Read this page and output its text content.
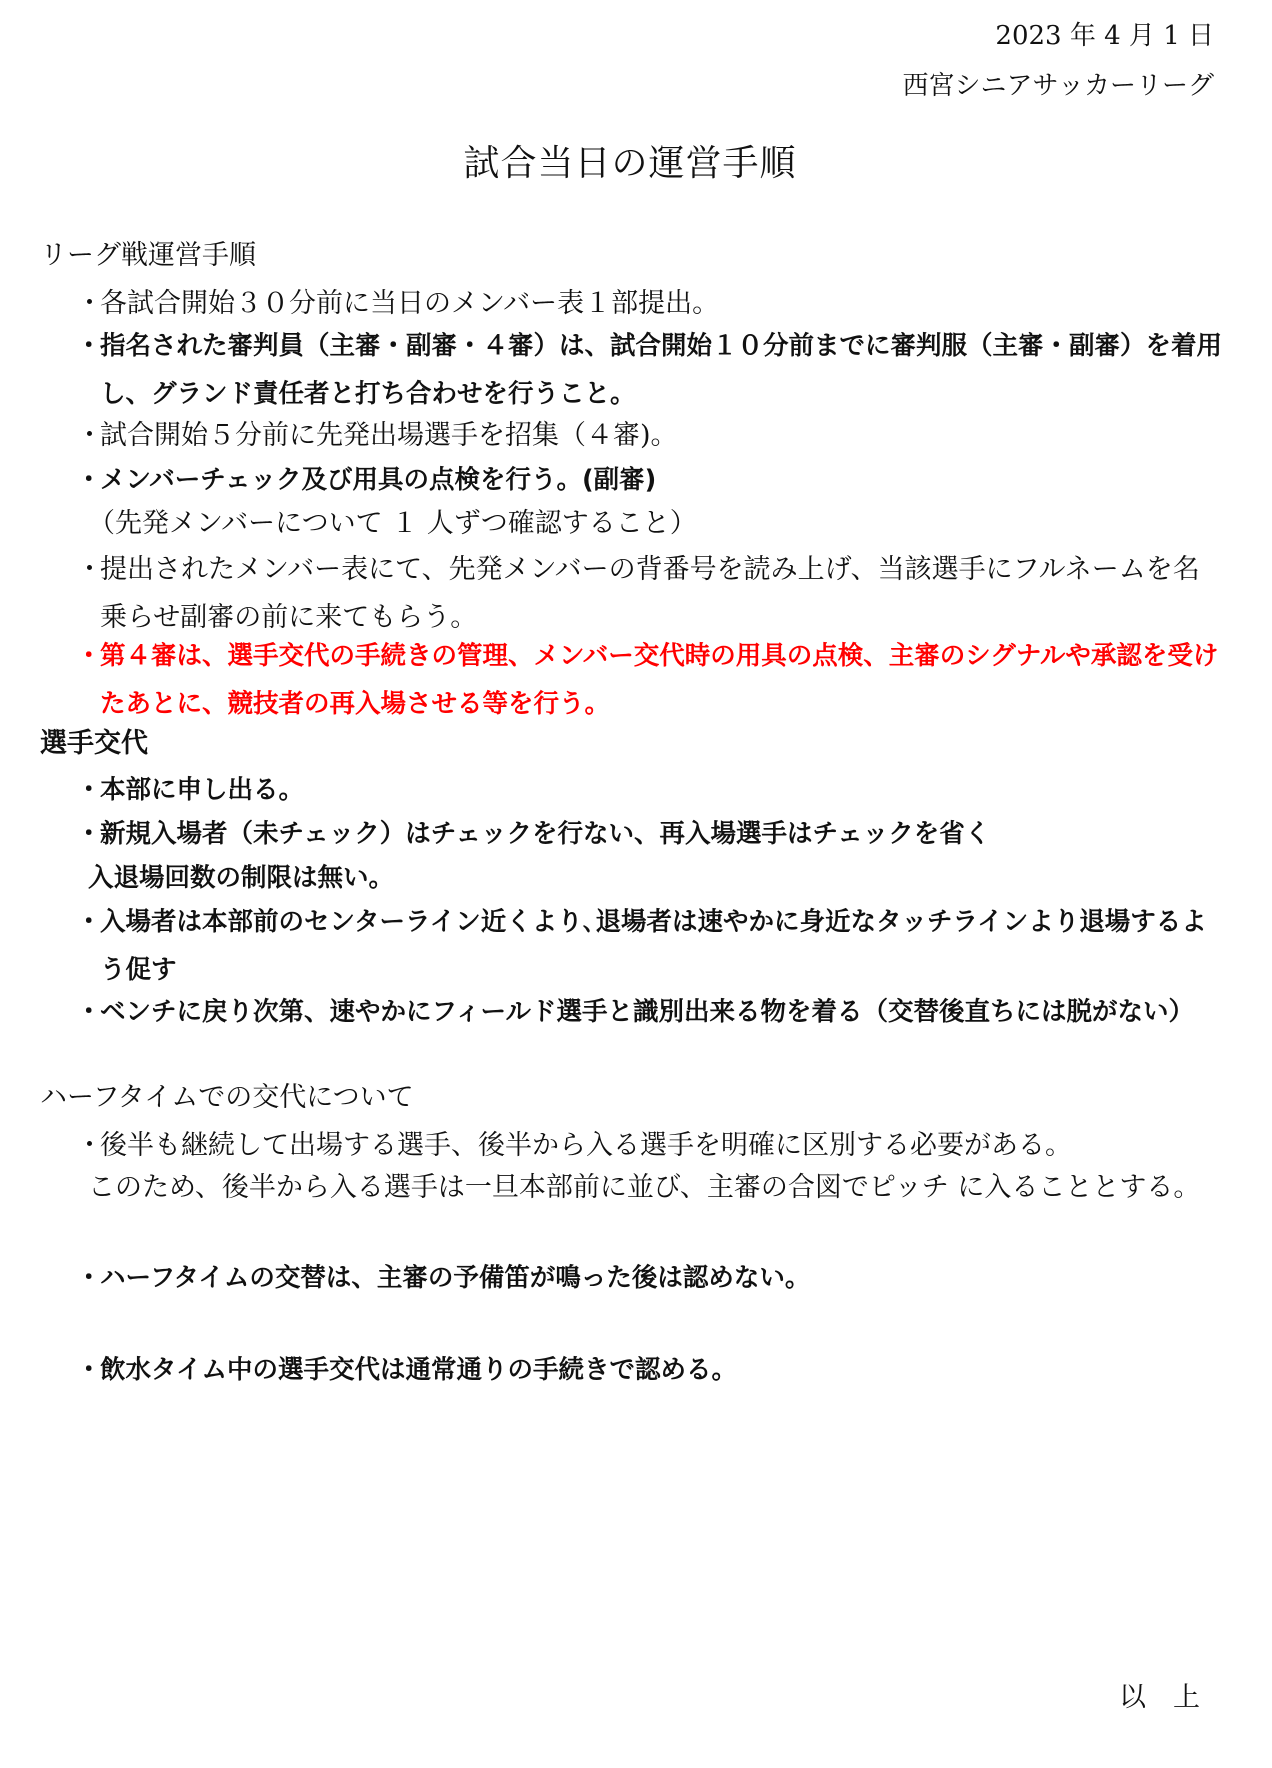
2023 年 4 月 1 日
西宮シニアサッカーリーグ
試合当日の運営手順
リーグ戦運営手順
・
各試合開始３０分前に当日のメンバー表１部提出。
・
指名された審判員（主審・副審・４審）は、試合開始１０分前までに審判服（主審・副審）を着用し、グランド責任者と打ち合わせを行うこと。
・
試合開始５分前に先発出場選手を招集（４審)。
・
メンバーチェック及び用具の点検を行う。(副審)
（先発メンバーについて １ 人ずつ確認すること）
・
提出されたメンバー表にて、先発メンバーの背番号を読み上げ、当該選手にフルネームを名乗らせ副審の前に来てもらう。
・
第４審は、選手交代の手続きの管理、メンバー交代時の用具の点検、主審のシグナルや承認を受けたあとに、競技者の再入場させる等を行う。
選手交代
・
本部に申し出る。
・
新規入場者（未チェック）はチェックを行ない、再入場選手はチェックを省く
入退場回数の制限は無い。
・
入場者は本部前のセンターライン近くより､退場者は速やかに身近なタッチラインより退場するよう促す
・
ベンチに戻り次第、速やかにフィールド選手と識別出来る物を着る（交替後直ちには脱がない）
ハーフタイムでの交代について
・
後半も継続して出場する選手、後半から入る選手を明確に区別する必要がある。
このため、後半から入る選手は一旦本部前に並び、主審の合図でピッチ に入ることとする。
・
ハーフタイムの交替は、主審の予備笛が鳴った後は認めない。
・
飲水タイム中の選手交代は通常通りの手続きで認める。
以　上
